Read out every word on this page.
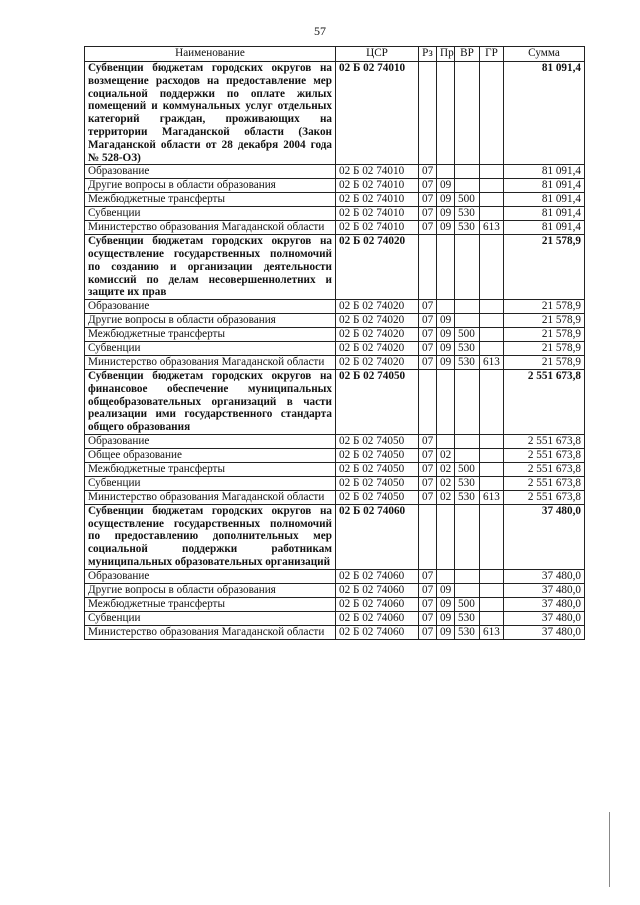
57
Наименование	ЦСР	Рз	Пр	ВР	ГР	Сумма
Субвенции бюджетам городских округов на возмещение расходов на предоставление мер социальной поддержки по оплате жилых помещений и коммунальных услуг отдельных категорий граждан, проживающих на территории Магаданской области (Закон Магаданской области от 28 декабря 2004 года № 528-ОЗ)	02 Б 02 74010					81 091,4
Образование	02 Б 02 74010	07				81 091,4
Другие вопросы в области образования	02 Б 02 74010	07	09			81 091,4
Межбюджетные трансферты	02 Б 02 74010	07	09	500		81 091,4
Субвенции	02 Б 02 74010	07	09	530		81 091,4
Министерство образования Магаданской области	02 Б 02 74010	07	09	530	613	81 091,4
Субвенции бюджетам городских округов на осуществление государственных полномочий по созданию и организации деятельности комиссий по делам несовершеннолетних и защите их прав	02 Б 02 74020					21 578,9
Образование	02 Б 02 74020	07				21 578,9
Другие вопросы в области образования	02 Б 02 74020	07	09			21 578,9
Межбюджетные трансферты	02 Б 02 74020	07	09	500		21 578,9
Субвенции	02 Б 02 74020	07	09	530		21 578,9
Министерство образования Магаданской области	02 Б 02 74020	07	09	530	613	21 578,9
Субвенции бюджетам городских округов на финансовое обеспечение муниципальных общеобразовательных организаций в части реализации ими государственного стандарта общего образования	02 Б 02 74050					2 551 673,8
Образование	02 Б 02 74050	07				2 551 673,8
Общее образование	02 Б 02 74050	07	02			2 551 673,8
Межбюджетные трансферты	02 Б 02 74050	07	02	500		2 551 673,8
Субвенции	02 Б 02 74050	07	02	530		2 551 673,8
Министерство образования Магаданской области	02 Б 02 74050	07	02	530	613	2 551 673,8
Субвенции бюджетам городских округов на осуществление государственных полномочий по предоставлению дополнительных мер социальной поддержки работникам муниципальных образовательных организаций	02 Б 02 74060					37 480,0
Образование	02 Б 02 74060	07				37 480,0
Другие вопросы в области образования	02 Б 02 74060	07	09			37 480,0
Межбюджетные трансферты	02 Б 02 74060	07	09	500		37 480,0
Субвенции	02 Б 02 74060	07	09	530		37 480,0
Министерство образования Магаданской области	02 Б 02 74060	07	09	530	613	37 480,0
